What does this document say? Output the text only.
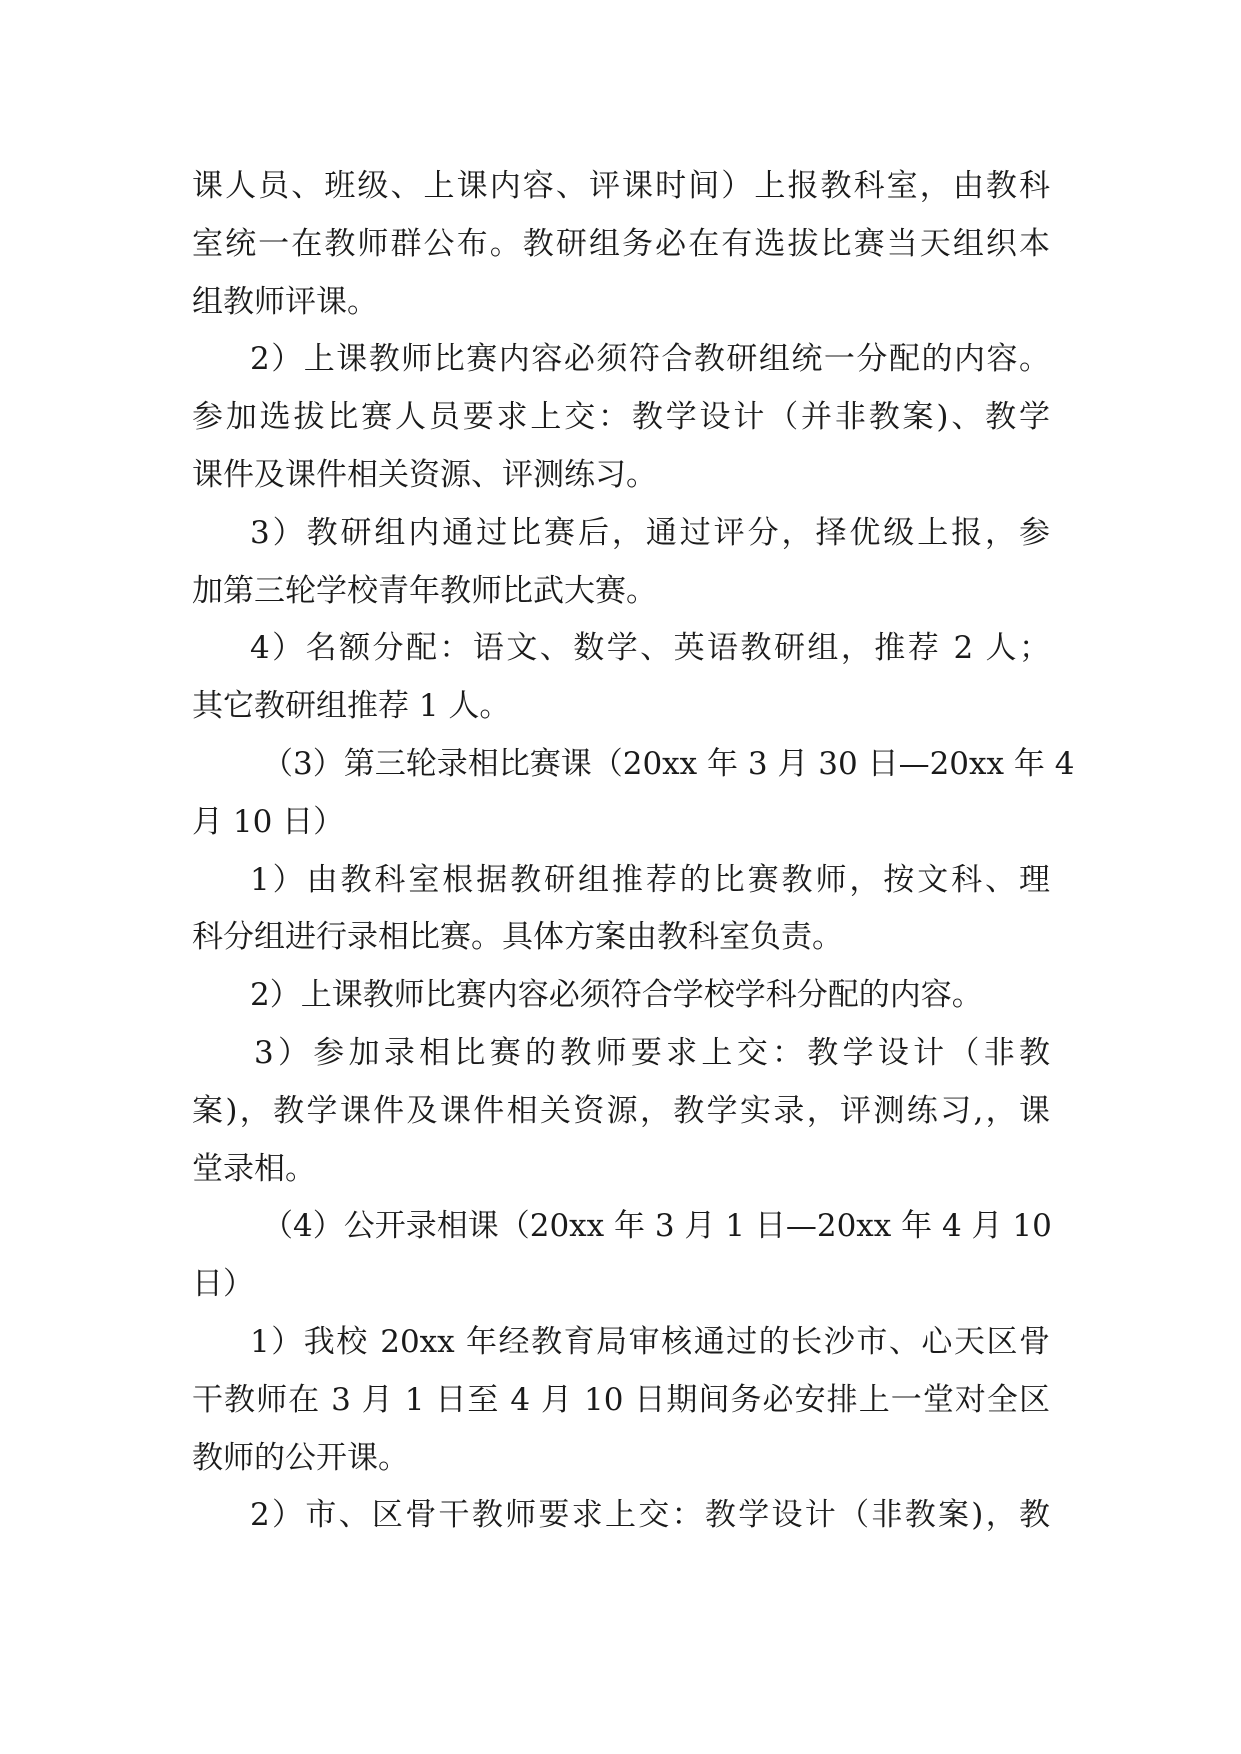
课人员、班级、上课内容、评课时间）上报教科室，由教科
室统一在教师群公布。教研组务必在有选拔比赛当天组织本
组教师评课。
2）上课教师比赛内容必须符合教研组统一分配的内容。
参加选拔比赛人员要求上交：教学设计（并非教案)、教学
课件及课件相关资源、评测练习。
3）教研组内通过比赛后，通过评分，择优级上报，参
加第三轮学校青年教师比武大赛。
4）名额分配：语文、数学、英语教研组，推荐 2 人；
其它教研组推荐 1 人。
（3）第三轮录相比赛课（20xx 年 3 月 30 日—20xx 年 4
月 10 日）
1）由教科室根据教研组推荐的比赛教师，按文科、理
科分组进行录相比赛。具体方案由教科室负责。
2）上课教师比赛内容必须符合学校学科分配的内容。
3）参加录相比赛的教师要求上交：教学设计（非教
案)，教学课件及课件相关资源，教学实录，评测练习,，课
堂录相。
（4）公开录相课（20xx 年 3 月 1 日—20xx 年 4 月 10
日）
1）我校 20xx 年经教育局审核通过的长沙市、心天区骨
干教师在 3 月 1 日至 4 月 10 日期间务必安排上一堂对全区
教师的公开课。
2）市、区骨干教师要求上交：教学设计（非教案)，教
